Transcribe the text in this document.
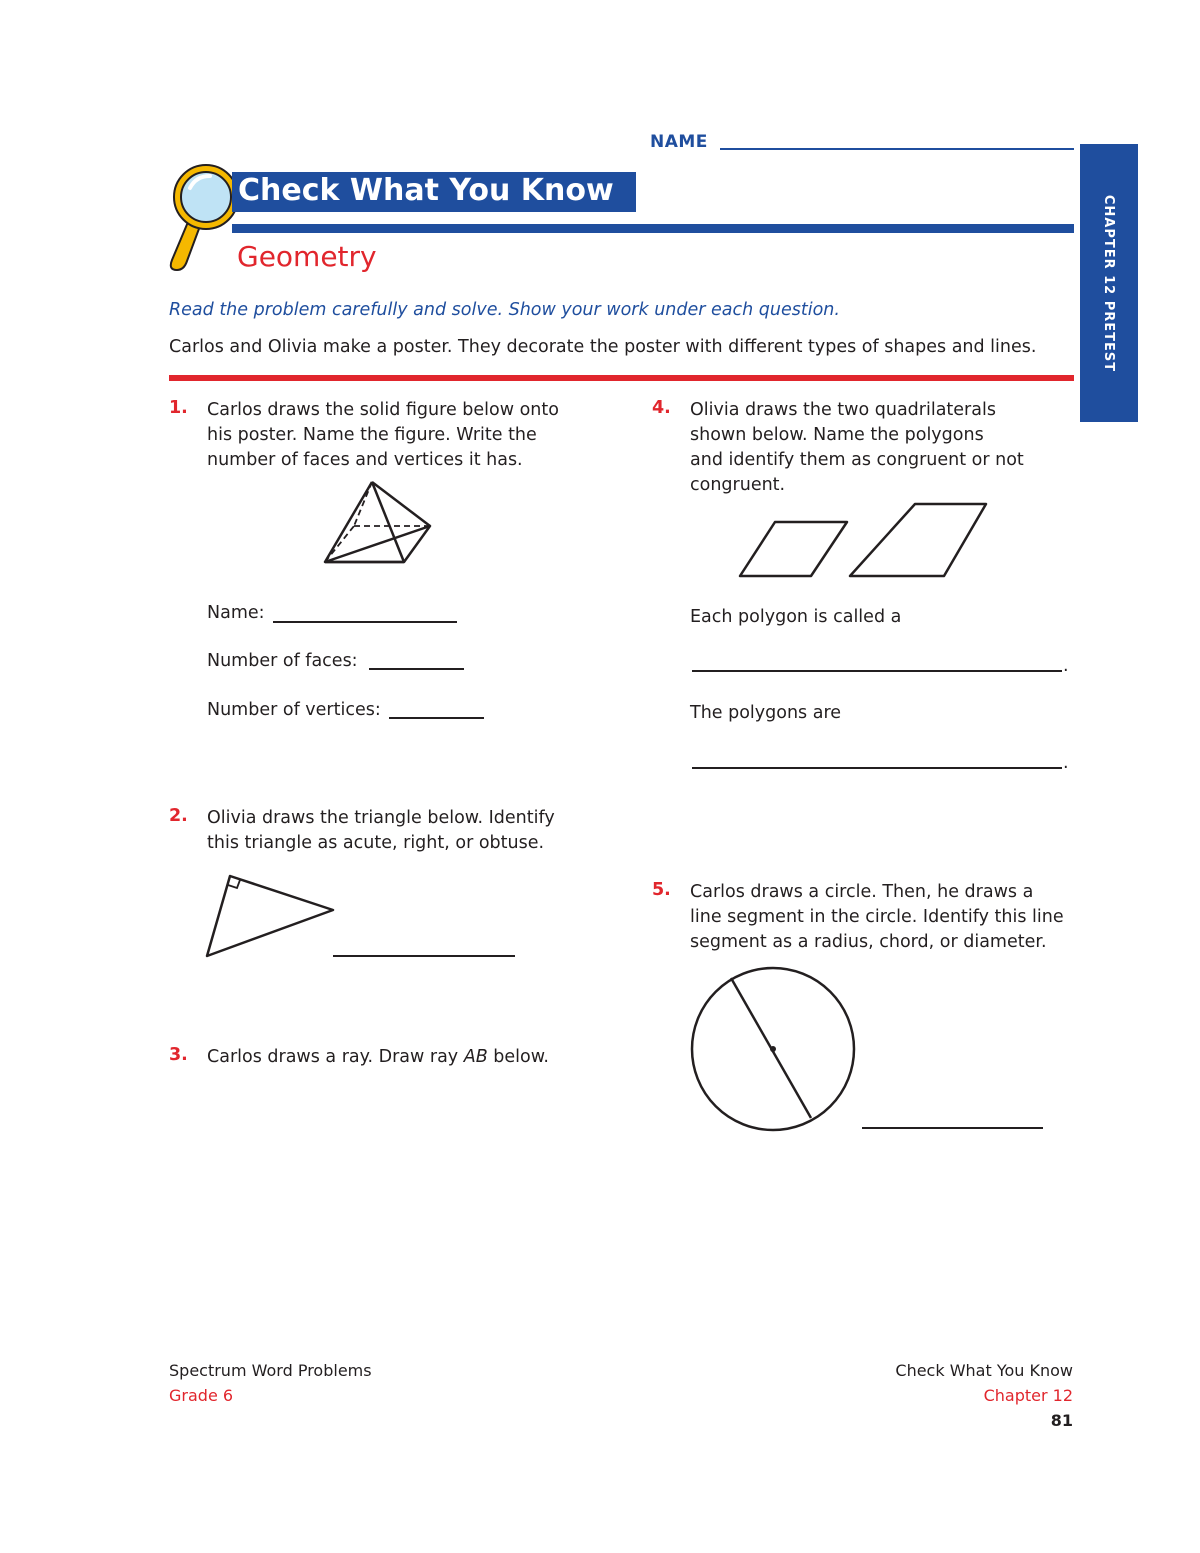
NAME
Check What You Know
Geometry	CHAPTER 12 PRETEST
Read the problem carefully and solve. Show your work under each question.
Carlos and Olivia make a poster. They decorate the poster with different types of shapes and lines.
1. Carlos draws the solid figure below onto
his poster. Name the figure. Write the
number of faces and vertices it has.
Name:
Number of faces:
Number of vertices:
2. Olivia draws the triangle below. Identify
this triangle as acute, right, or obtuse.
3. Carlos draws a ray. Draw ray AB below.
4. Olivia draws the two quadrilaterals
shown below. Name the polygons
and identify them as congruent or not
congruent.
Each polygon is called a
.
The polygons are
.
5. Carlos draws a circle. Then, he draws a
line segment in the circle. Identify this line
segment as a radius, chord, or diameter.
Spectrum Word Problems
Grade 6
Check What You Know
Chapter 12
81
